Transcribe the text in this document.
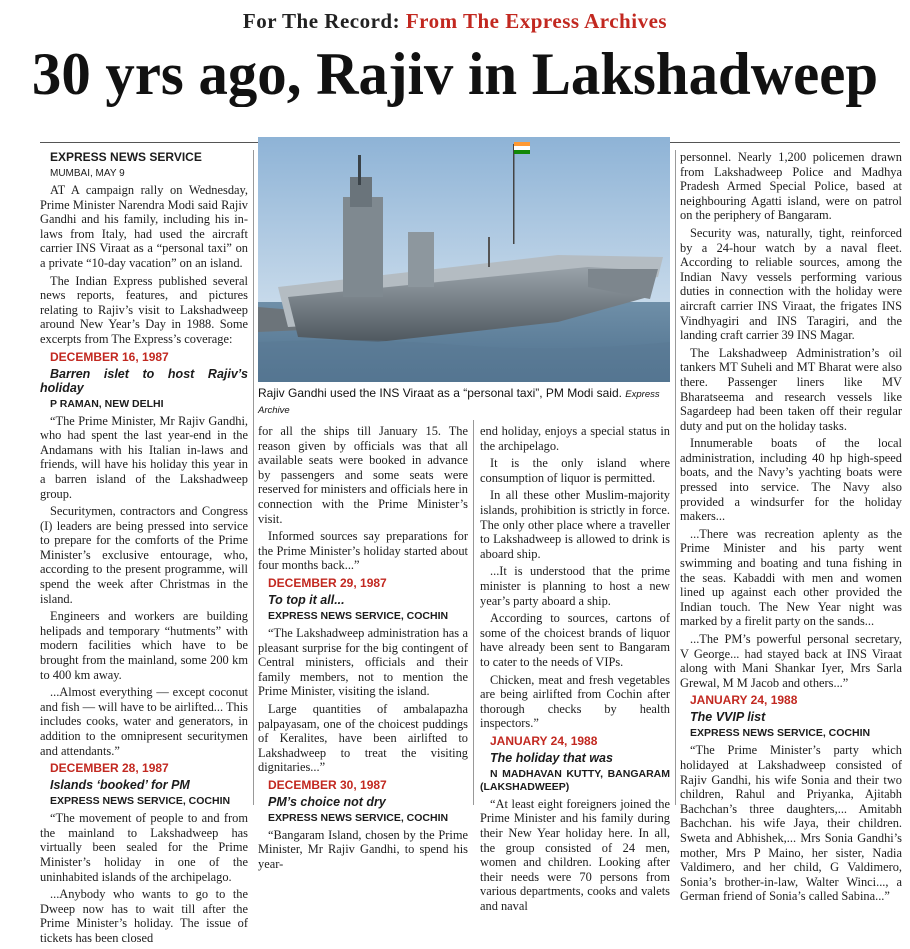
For The Record: From The Express Archives
30 yrs ago, Rajiv in Lakshadweep

EXPRESS NEWS SERVICE

MUMBAI, MAY 9

AT A campaign rally on Wednesday, Prime Minister Narendra Modi said Rajiv Gandhi and his family, including his in-laws from Italy, had used the aircraft carrier INS Viraat as a “personal taxi” on a private “10-day vacation” on an island.

The Indian Express published several news reports, features, and pictures relating to Rajiv’s visit to Lakshadweep around New Year’s Day in 1988. Some excerpts from The Express’s coverage:

DECEMBER 16, 1987

Barren islet to host Rajiv’s holiday

P RAMAN, NEW DELHI

“The Prime Minister, Mr Rajiv Gandhi, who had spent the last year-end in the Andamans with his Italian in-laws and friends, will have his holiday this year in a barren island of the Lakshadweep group.

Securitymen, contractors and Congress (I) leaders are being pressed into service to prepare for the comforts of the Prime Minister’s exclusive entourage, who, according to the present programme, will spend the week after Christmas in the island.

Engineers and workers are building helipads and temporary “hutments” with modern facilities which have to be brought from the mainland, some 200 km to 400 km away.

...Almost everything — except coconut and fish — will have to be airlifted... This includes cooks, water and generators, in addition to the omnipresent securitymen and attendants.”

DECEMBER 28, 1987

Islands ‘booked’ for PM

EXPRESS NEWS SERVICE, COCHIN

“The movement of people to and from the mainland to Lakshadweep has virtually been sealed for the Prime Minister’s holiday in one of the uninhabited islands of the archipelago.

...Anybody who wants to go to the Dweep now has to wait till after the Prime Minister’s holiday. The issue of tickets has been closed

Rajiv Gandhi used the INS Viraat as a “personal taxi”, PM Modi said. Express Archive

for all the ships till January 15. The reason given by officials was that all available seats were booked in advance by passengers and some seats were reserved for ministers and officials here in connection with the Prime Minister’s visit.

Informed sources say preparations for the Prime Minister’s holiday started about four months back...”

DECEMBER 29, 1987

To top it all...

EXPRESS NEWS SERVICE, COCHIN

“The Lakshadweep administration has a pleasant surprise for the big contingent of Central ministers, officials and their family members, not to mention the Prime Minister, visiting the island.

Large quantities of ambalapazha palpayasam, one of the choicest puddings of Keralites, have been airlifted to Lakshadweep to treat the visiting dignitaries...”

DECEMBER 30, 1987

PM’s choice not dry

EXPRESS NEWS SERVICE, COCHIN

“Bangaram Island, chosen by the Prime Minister, Mr Rajiv Gandhi, to spend his year-

end holiday, enjoys a special status in the archipelago.

It is the only island where consumption of liquor is permitted.

In all these other Muslim-majority islands, prohibition is strictly in force. The only other place where a traveller to Lakshadweep is allowed to drink is aboard ship.

...It is understood that the prime minister is planning to host a new year’s party aboard a ship.

According to sources, cartons of some of the choicest brands of liquor have already been sent to Bangaram to cater to the needs of VIPs.

Chicken, meat and fresh vegetables are being airlifted from Cochin after thorough checks by health inspectors.”

JANUARY 24, 1988

The holiday that was

N MADHAVAN KUTTY, BANGARAM (LAKSHADWEEP)

“At least eight foreigners joined the Prime Minister and his family during their New Year holiday here. In all, the group consisted of 24 men, women and children. Looking after their needs were 70 persons from various departments, cooks and valets and naval

personnel. Nearly 1,200 policemen drawn from Lakshadweep Police and Madhya Pradesh Armed Special Police, based at neighbouring Agatti island, were on patrol on the periphery of Bangaram.

Security was, naturally, tight, reinforced by a 24-hour watch by a naval fleet. According to reliable sources, among the Indian Navy vessels performing various duties in connection with the holiday were aircraft carrier INS Viraat, the frigates INS Vindhyagiri and INS Taragiri, and the landing craft carrier 39 INS Magar.

The Lakshadweep Administration’s oil tankers MT Suheli and MT Bharat were also there. Passenger liners like MV Bharatseema and research vessels like Sagardeep had been taken off their regular duty and put on the holiday tasks.

Innumerable boats of the local administration, including 40 hp high-speed boats, and the Navy’s yachting boats were pressed into service. The Navy also provided a windsurfer for the holiday makers...

...There was recreation aplenty as the Prime Minister and his party went swimming and boating and tuna fishing in the seas. Kabaddi with men and women lined up against each other provided the Indian touch. The New Year night was marked by a firelit party on the sands...

...The PM’s powerful personal secretary, V George... had stayed back at INS Viraat along with Mani Shankar Iyer, Mrs Sarla Grewal, M M Jacob and others...”

JANUARY 24, 1988

The VVIP list

EXPRESS NEWS SERVICE, COCHIN

“The Prime Minister’s party which holidayed at Lakshadweep consisted of Rajiv Gandhi, his wife Sonia and their two children, Rahul and Priyanka, Ajitabh Bachchan’s three daughters,... Amitabh Bachchan. his wife Jaya, their children. Sweta and Abhishek,... Mrs Sonia Gandhi’s mother, Mrs P Maino, her sister, Nadia Valdimero, and her child, G Valdimero, Sonia’s brother-in-law, Walter Winci..., a German friend of Sonia’s called Sabina...”
